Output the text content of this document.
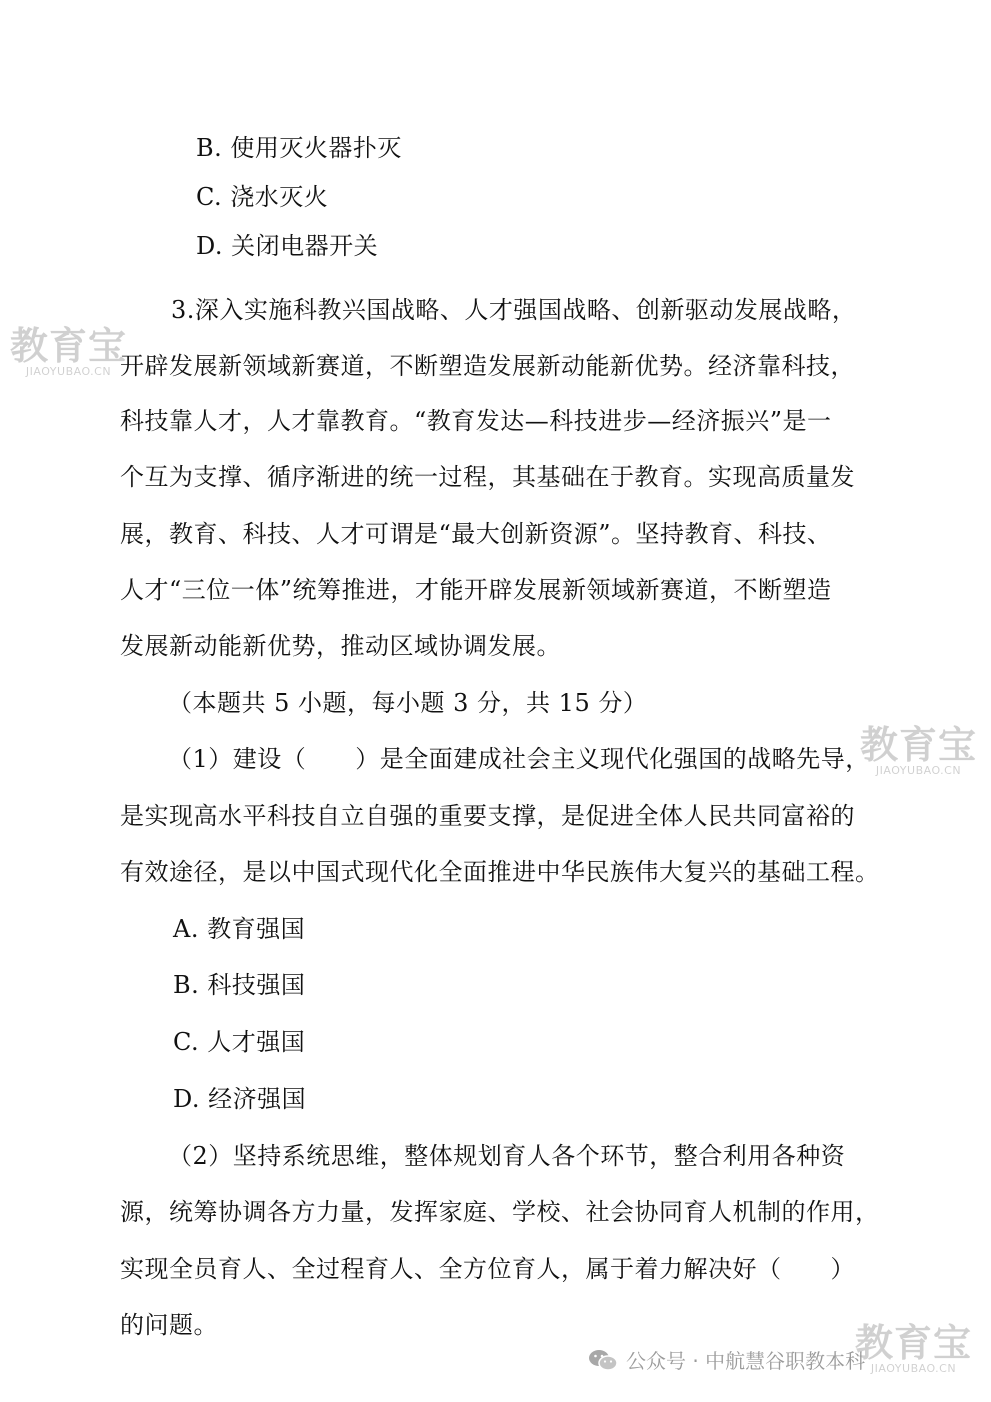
B. 使用灭火器扑灭
C. 浇水灭火
D. 关闭电器开关
3.深入实施科教兴国战略、人才强国战略、创新驱动发展战略，
开辟发展新领域新赛道，不断塑造发展新动能新优势。经济靠科技，
科技靠人才，人才靠教育。“教育发达—科技进步—经济振兴”是一
个互为支撑、循序渐进的统一过程，其基础在于教育。实现高质量发
展，教育、科技、人才可谓是“最大创新资源”。坚持教育、科技、
人才“三位一体”统筹推进，才能开辟发展新领域新赛道，不断塑造
发展新动能新优势，推动区域协调发展。
（本题共 5 小题，每小题 3 分，共 15 分）
（1）建设（　　）是全面建成社会主义现代化强国的战略先导，
是实现高水平科技自立自强的重要支撑，是促进全体人民共同富裕的
有效途径，是以中国式现代化全面推进中华民族伟大复兴的基础工程。
A. 教育强国
B. 科技强国
C. 人才强国
D. 经济强国
（2）坚持系统思维，整体规划育人各个环节，整合利用各种资
源，统筹协调各方力量，发挥家庭、学校、社会协同育人机制的作用，
实现全员育人、全过程育人、全方位育人，属于着力解决好（　　）
的问题。
教育宝
JIAOYUBAO.CN
教育宝
JIAOYUBAO.CN
教育宝
JIAOYUBAO.CN
公众号 · 中航慧谷职教本科
